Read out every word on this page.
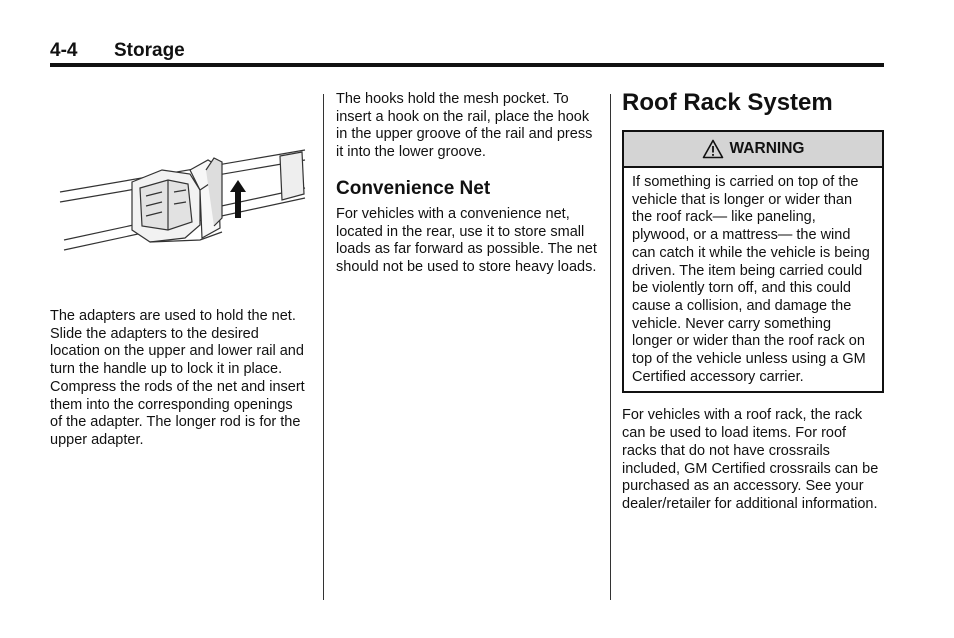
4-4 Storage

The adapters are used to hold the net. Slide the adapters to the desired location on the upper and lower rail and turn the handle up to lock it in place. Compress the rods of the net and insert them into the corresponding openings of the adapter. The longer rod is for the upper adapter.

The hooks hold the mesh pocket. To insert a hook on the rail, place the hook in the upper groove of the rail and press it into the lower groove.

Convenience Net

For vehicles with a convenience net, located in the rear, use it to store small loads as far forward as possible. The net should not be used to store heavy loads.

Roof Rack System
WARNING
If something is carried on top of the vehicle that is longer or wider than the roof rack— like paneling, plywood, or a mattress— the wind can catch it while the vehicle is being driven. The item being carried could be violently torn off, and this could cause a collision, and damage the vehicle. Never carry something longer or wider than the roof rack on top of the vehicle unless using a GM Certified accessory carrier.

For vehicles with a roof rack, the rack can be used to load items. For roof racks that do not have crossrails included, GM Certified crossrails can be purchased as an accessory. See your dealer/retailer for additional information.
